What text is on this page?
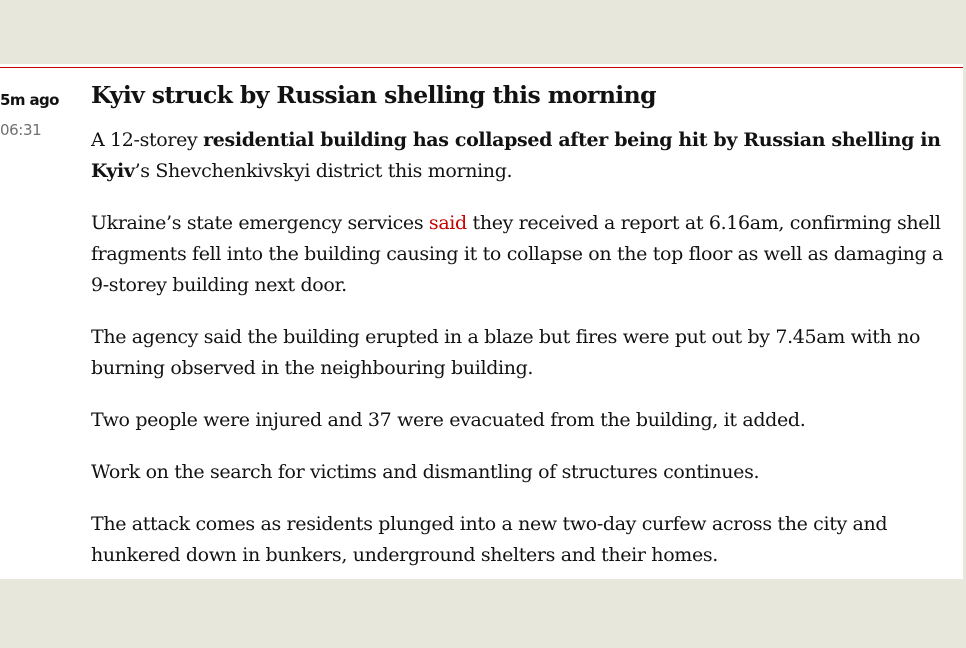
5m ago
06:31
Kyiv struck by Russian shelling this morning

A 12-storey residential building has collapsed after being hit by Russian shelling in Kyiv’s Shevchenkivskyi district this morning.

Ukraine’s state emergency services said they received a report at 6.16am, confirming shell fragments fell into the building causing it to collapse on the top floor as well as damaging a 9-storey building next door.

The agency said the building erupted in a blaze but fires were put out by 7.45am with no burning observed in the neighbouring building.

Two people were injured and 37 were evacuated from the building, it added.

Work on the search for victims and dismantling of structures continues.

The attack comes as residents plunged into a new two-day curfew across the city and hunkered down in bunkers, underground shelters and their homes.
